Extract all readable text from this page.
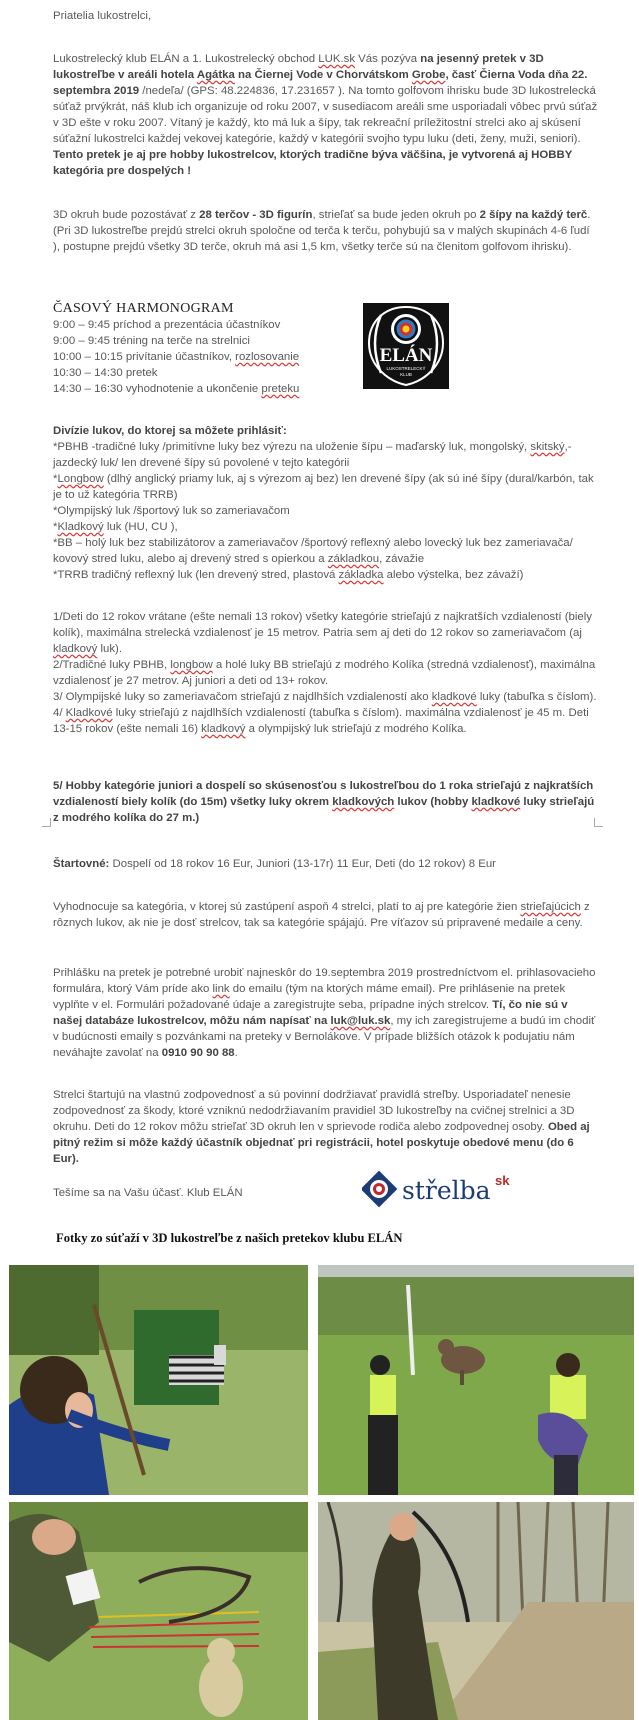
Priatelia lukostrelci,
Lukostrelecký klub ELÁN a 1. Lukostrelecký obchod LUK.sk Vás pozýva na jesenný pretek v 3D lukostreľbe v areáli hotela Agátka na Čiernej Vode v Chorvátskom Grobe, časť Čierna Voda dňa 22. septembra 2019 /nedeľa/ (GPS: 48.224836, 17.231657 ). Na tomto golfovom ihrisku bude 3D lukostrelecká súťaž prvýkrát, náš klub ich organizuje od roku 2007, v susediacom areáli sme usporiadali vôbec prvú súťaž v 3D ešte v roku 2007. Vítaný je každý, kto má luk a šípy, tak rekreační príležitostní strelci ako aj skúsení súťažní lukostrelci každej vekovej kategórie, každý v kategórii svojho typu luku (deti, ženy, muži, seniori). Tento pretek je aj pre hobby lukostrelcov, ktorých tradične býva väčšina, je vytvorená aj HOBBY kategória pre dospelých !
3D okruh bude pozostávať z 28 terčov - 3D figurín, strieľať sa bude jeden okruh po 2 šípy na každý terč. (Pri 3D lukostreľbe prejdú strelci okruh spoločne od terča k terču, pohybujú sa v malých skupinách 4-6 ľudí ), postupne prejdú všetky 3D terče, okruh má asi 1,5 km, všetky terče sú na členitom golfovom ihrisku).
ČASOVÝ HARMONOGRAM
9:00 – 9:45 príchod a prezentácia účastníkov
9:00 – 9:45 tréning na terče na strelnici
10:00 – 10:15 privítanie účastníkov, rozlosovanie
10:30 – 14:30 pretek
14:30 – 16:30 vyhodnotenie a ukončenie preteku
ELÁN
LUKOSTRELECKÝ
KLUB
Divízie lukov, do ktorej sa môžete prihlásiť:
*PBHB -tradičné luky /primitívne luky bez výrezu na uloženie šípu – maďarský luk, mongolský, skitský,- jazdecký luk/ len drevené šípy sú povolené v tejto kategórii
*Longbow (dlhý anglický priamy luk, aj s výrezom aj bez) len drevené šípy (ak sú iné šípy (dural/karbón, tak je to už kategória TRRB)
*Olympijský luk /športový luk so zameriavačom
*Kladkový luk (HU, CU ),
*BB – holý luk bez stabilizátorov a zameriavačov /športový reflexný alebo lovecký luk bez zameriavača/ kovový stred luku, alebo aj drevený stred s opierkou a základkou, závažie
*TRRB tradičný reflexný luk (len drevený stred, plastová základka alebo výstelka, bez závaží)
1/Deti do 12 rokov vrátane (ešte nemali 13 rokov) všetky kategórie strieľajú z najkratších vzdialeností (biely kolík), maximálna strelecká vzdialenosť je 15 metrov. Patria sem aj deti do 12 rokov so zameriavačom (aj kladkový luk).
2/Tradičné luky PBHB, longbow a holé luky BB strieľajú z modrého Kolíka (stredná vzdialenosť), maximálna vzdialenosť je 27 metrov. Aj juniori a deti od 13+ rokov.
3/ Olympijské luky so zameriavačom strieľajú z najdlhších vzdialeností ako kladkové luky (tabuľka s číslom).
4/ Kladkové luky strieľajú z najdlhších vzdialeností (tabuľka s číslom). maximálna vzdialenosť je 45 m. Deti 13-15 rokov (ešte nemali 16) kladkový a olympijský luk strieľajú z modrého Kolíka.
5/ Hobby kategórie juniori a dospelí so skúsenosťou s lukostreľbou do 1 roka strieľajú z najkratších vzdialeností biely kolík (do 15m) všetky luky okrem kladkových lukov (hobby kladkové luky strieľajú z modrého kolíka do 27 m.)
Štartovné: Dospelí od 18 rokov 16 Eur, Juniori (13-17r) 11 Eur, Deti (do 12 rokov) 8 Eur
Vyhodnocuje sa kategória, v ktorej sú zastúpení aspoň 4 strelci, platí to aj pre kategórie žien strieľajúcich z rôznych lukov, ak nie je dosť strelcov, tak sa kategórie spájajú. Pre víťazov sú pripravené medaile a ceny.
Prihlášku na pretek je potrebné urobiť najneskôr do 19.septembra 2019 prostredníctvom el. prihlasovacieho formulára, ktorý Vám príde ako link do emailu (tým na ktorých máme email). Pre prihlásenie na pretek vyplňte v el. Formulári požadované údaje a zaregistrujte seba, prípadne iných strelcov. Tí, čo nie sú v našej databáze lukostrelcov, môžu nám napísať na luk@luk.sk, my ich zaregistrujeme a budú im chodiť v budúcnosti emaily s pozvánkami na preteky v Bernolákove. V prípade bližších otázok k podujatiu nám neváhajte zavolať na 0910 90 90 88.
Strelci štartujú na vlastnú zodpovednosť a sú povinní dodržiavať pravidlá streľby. Usporiadateľ nenesie zodpovednosť za škody, ktoré vzniknú nedodržiavaním pravidiel 3D lukostreľby na cvičnej strelnici a 3D okruhu. Deti do 12 rokov môžu strieľať 3D okruh len v sprievode rodiča alebo zodpovednej osoby. Obed aj pitný režim si môže každý účastník objednať pri registrácii, hotel poskytuje obedové menu (do 6 Eur).
Tešíme sa na Vašu účasť. Klub ELÁN	střelba sk
Fotky zo súťaží v 3D lukostreľbe z našich pretekov klubu ELÁN
